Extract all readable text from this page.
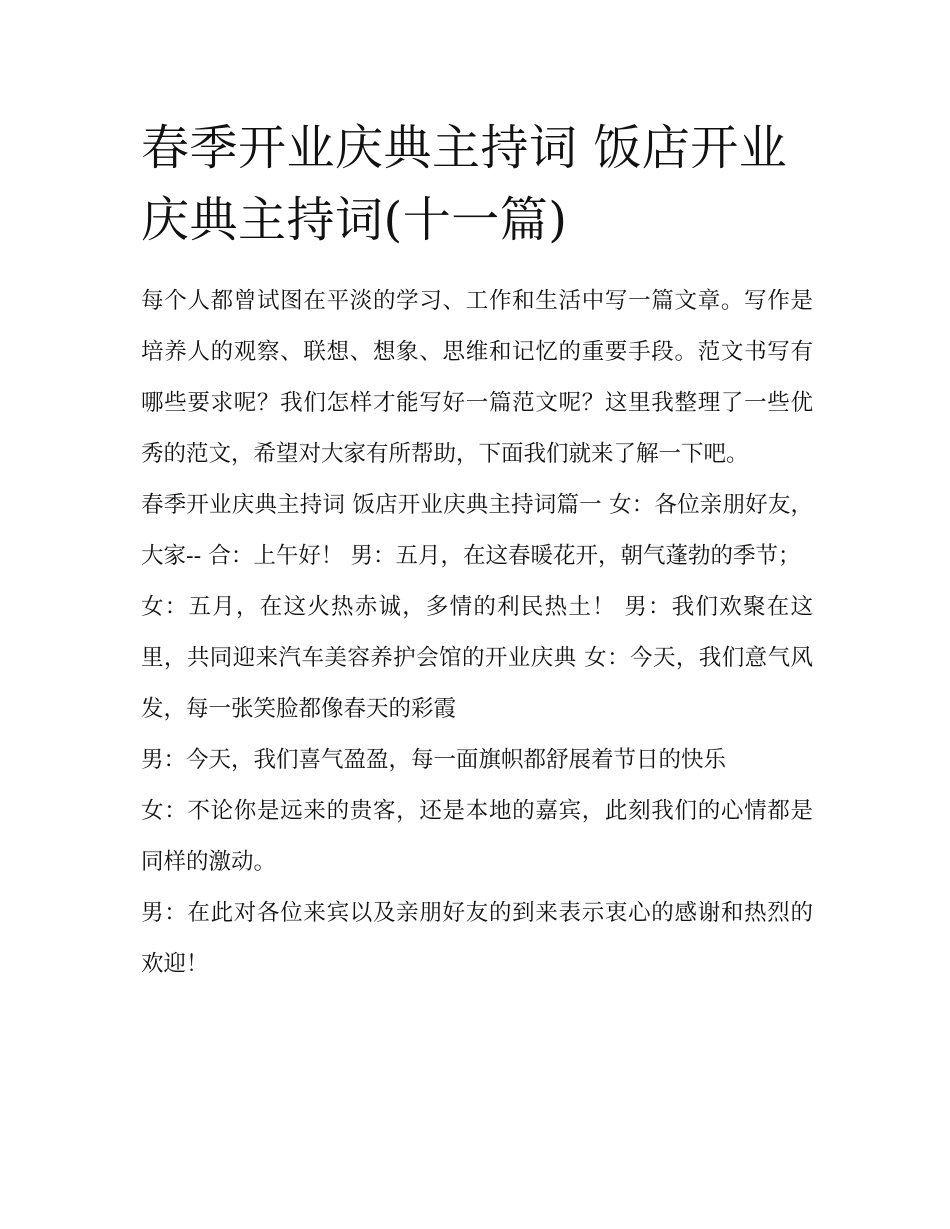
春季开业庆典主持词 饭店开业庆典主持词(十一篇)

每个人都曾试图在平淡的学习、工作和生活中写一篇文章。写作是培养人的观察、联想、想象、思维和记忆的重要手段。范文书写有哪些要求呢？我们怎样才能写好一篇范文呢？这里我整理了一些优秀的范文，希望对大家有所帮助，下面我们就来了解一下吧。

春季开业庆典主持词 饭店开业庆典主持词篇一 女：各位亲朋好友，大家-- 合：上午好！ 男：五月，在这春暖花开，朝气蓬勃的季节；

女：五月，在这火热赤诚，多情的利民热土！ 男：我们欢聚在这里，共同迎来汽车美容养护会馆的开业庆典 女：今天，我们意气风发，每一张笑脸都像春天的彩霞

男：今天，我们喜气盈盈，每一面旗帜都舒展着节日的快乐

女：不论你是远来的贵客，还是本地的嘉宾，此刻我们的心情都是同样的激动。

男：在此对各位来宾以及亲朋好友的到来表示衷心的感谢和热烈的欢迎！
